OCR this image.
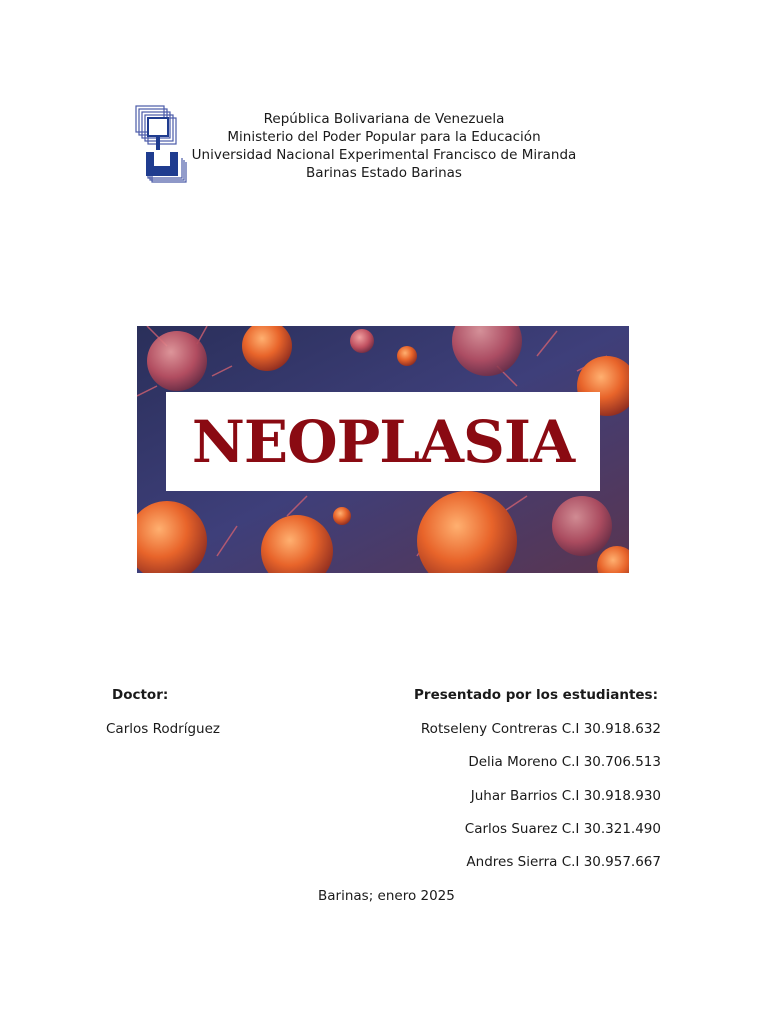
República Bolivariana de Venezuela
Ministerio del Poder Popular para la Educación
Universidad Nacional Experimental Francisco de Miranda
Barinas Estado Barinas
NEOPLASIA
Doctor:
Carlos Rodríguez
Presentado por los estudiantes:
Rotseleny Contreras C.I 30.918.632
Delia Moreno C.I 30.706.513
Juhar Barrios C.I 30.918.930
Carlos Suarez C.I 30.321.490
Andres Sierra C.I 30.957.667
Barinas; enero 2025
